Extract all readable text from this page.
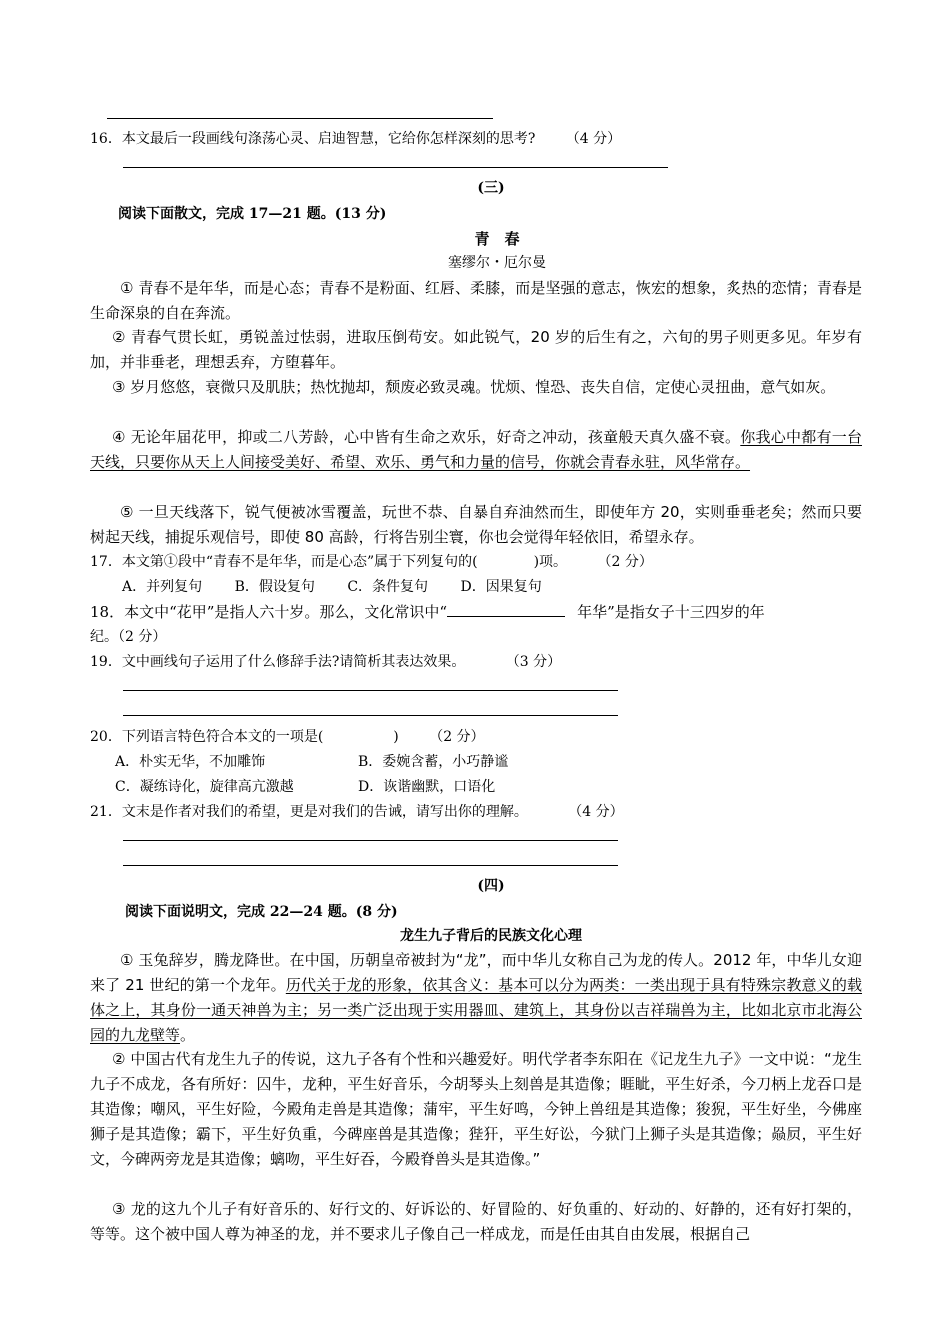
16．本文最后一段画线句涤荡心灵、启迪智慧，它给你怎样深刻的思考? （4 分）
(三)
阅读下面散文，完成 17—21 题。(13 分)
青　春
塞缪尔・厄尔曼
① 青春不是年华，而是心态；青春不是粉面、红唇、柔膝，而是坚强的意志，恢宏的想象，炙热的恋情；青春是生命深泉的自在奔流。
② 青春气贯长虹，勇锐盖过怯弱，进取压倒苟安。如此锐气，20 岁的后生有之，六旬的男子则更多见。年岁有加，并非垂老，理想丢弃，方堕暮年。
③ 岁月悠悠，衰微只及肌肤；热忱抛却，颓废必致灵魂。忧烦、惶恐、丧失自信，定使心灵扭曲，意气如灰。
④ 无论年届花甲，抑或二八芳龄，心中皆有生命之欢乐，好奇之冲动，孩童般天真久盛不衰。你我心中都有一台天线，只要你从天上人间接受美好、希望、欢乐、勇气和力量的信号，你就会青春永驻，风华常存。
⑤ 一旦天线落下，锐气便被冰雪覆盖，玩世不恭、自暴自弃油然而生，即使年方 20，实则垂垂老矣；然而只要树起天线，捕捉乐观信号，即使 80 高龄，行将告别尘寰，你也会觉得年轻依旧，希望永存。
17．本文第①段中“青春不是年华，而是心态”属于下列复句的(　　　　)项。 （2 分）
A．并列复句 B．假设复句 C．条件复句 D．因果复句
18．本文中“花甲”是指人六十岁。那么，文化常识中“	年华”是指女子十三四岁的年
纪。（2 分）
19．文中画线句子运用了什么修辞手法?请简析其表达效果。	（3 分）
20．下列语言特色符合本文的一项是(　　　　　) （2 分）
A．朴实无华，不加雕饰	B．委婉含蓄，小巧静谧
C．凝练诗化，旋律高亢激越	D．诙谐幽默，口语化
21．文末是作者对我们的希望，更是对我们的告诫，请写出你的理解。	（4 分）
(四)
阅读下面说明文，完成 22—24 题。(8 分)
龙生九子背后的民族文化心理
① 玉兔辞岁，腾龙降世。在中国，历朝皇帝被封为“龙”，而中华儿女称自己为龙的传人。2012 年，中华儿女迎来了 21 世纪的第一个龙年。历代关于龙的形象，依其含义：基本可以分为两类：一类出现于具有特殊宗教意义的载体之上，其身份一通天神兽为主；另一类广泛出现于实用器皿、建筑上，其身份以吉祥瑞兽为主，比如北京市北海公园的九龙壁等。
② 中国古代有龙生九子的传说，这九子各有个性和兴趣爱好。明代学者李东阳在《记龙生九子》一文中说：“龙生九子不成龙，各有所好：囚牛，龙种，平生好音乐，今胡琴头上刻兽是其造像；睚眦，平生好杀，今刀柄上龙吞口是其造像；嘲风，平生好险，今殿角走兽是其造像；蒲牢，平生好鸣，今钟上兽纽是其造像；狻猊，平生好坐，今佛座狮子是其造像；霸下，平生好负重，今碑座兽是其造像；狴犴，平生好讼，今狱门上狮子头是其造像；赑屃，平生好文，今碑两旁龙是其造像；螭吻，平生好吞，今殿脊兽头是其造像。”
③ 龙的这九个儿子有好音乐的、好行文的、好诉讼的、好冒险的、好负重的、好动的、好静的，还有好打架的，等等。这个被中国人尊为神圣的龙，并不要求儿子像自己一样成龙，而是任由其自由发展，根据自己
